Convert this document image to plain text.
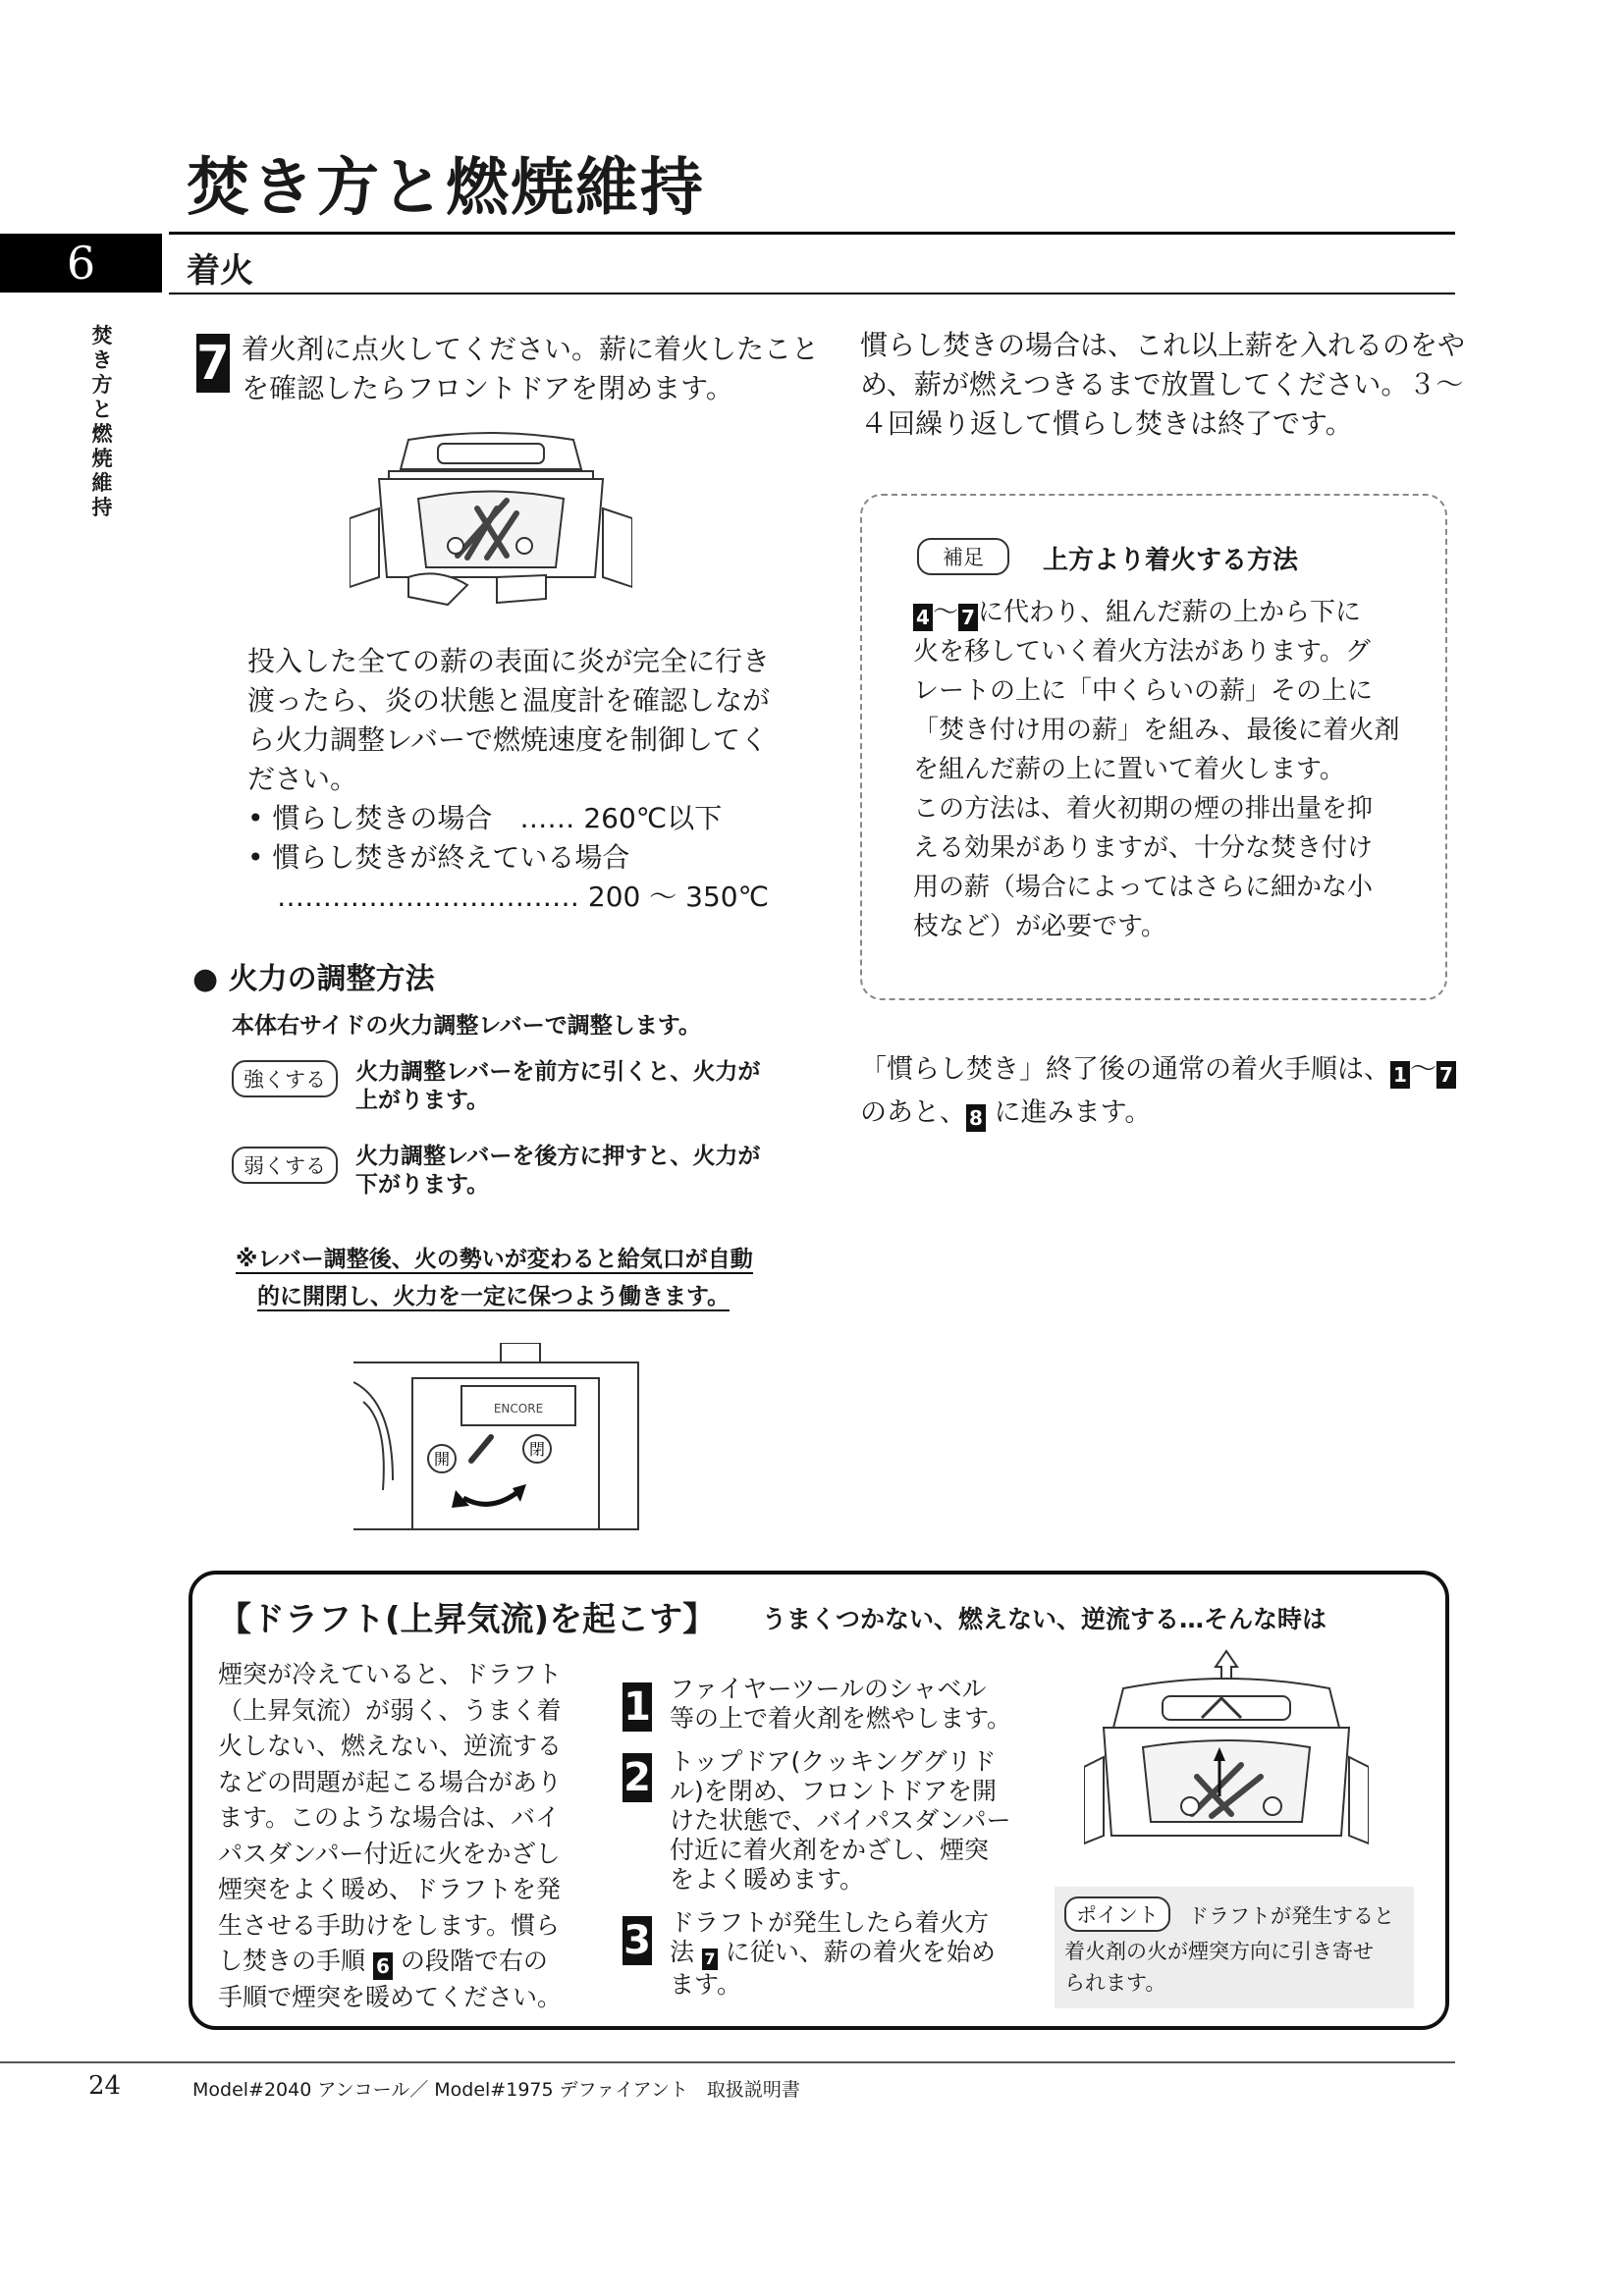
焚き方と燃焼維持
6	着火
焚き方と燃焼維持
7 着火剤に点火してください。薪に着火したこと
を確認したらフロントドアを閉めます。
投入した全ての薪の表面に炎が完全に行き
渡ったら、炎の状態と温度計を確認しなが
ら火力調整レバーで燃焼速度を制御してく
ださい。
• 慣らし焚きの場合　…… 260℃以下
• 慣らし焚きが終えている場合
…………………………… 200 ～ 350℃
● 火力の調整方法
本体右サイドの火力調整レバーで調整します。
強くする	火力調整レバーを前方に引くと、火力が
上がります。
弱くする	火力調整レバーを後方に押すと、火力が
下がります。
※レバー調整後、火の勢いが変わると給気口が自動
的に開閉し、火力を一定に保つよう働きます。
ENCORE
開
閉
慣らし焚きの場合は、これ以上薪を入れるのをや
め、薪が燃えつきるまで放置してください。３～
４回繰り返して慣らし焚きは終了です。
補足	上方より着火する方法
4 ～ 7 に代わり、組んだ薪の上から下に
火を移していく着火方法があります。グ
レートの上に「中くらいの薪」その上に
「焚き付け用の薪」を組み、最後に着火剤
を組んだ薪の上に置いて着火します。
この方法は、着火初期の煙の排出量を抑
える効果がありますが、十分な焚き付け
用の薪（場合によってはさらに細かな小
枝など）が必要です。
「慣らし焚き」終了後の通常の着火手順は、 1 ～ 7
のあと、 8 に進みます。
【ドラフト(上昇気流)を起こす】 うまくつかない、燃えない、逆流する…そんな時は
煙突が冷えていると、ドラフト
（上昇気流）が弱く、うまく着
火しない、燃えない、逆流する
などの問題が起こる場合があり
ます。このような場合は、バイ
パスダンパー付近に火をかざし
煙突をよく暖め、ドラフトを発
生させる手助けをします。慣ら
し焚きの手順 6 の段階で右の
手順で煙突を暖めてください。
1 ファイヤーツールのシャベル
等の上で着火剤を燃やします。
2 トップドア(クッキンググリド
ル)を閉め、フロントドアを開
けた状態で、バイパスダンパー
付近に着火剤をかざし、煙突
をよく暖めます。
3 ドラフトが発生したら着火方
法 7 に従い、薪の着火を始め
ます。
ポイント	ドラフトが発生すると
着火剤の火が煙突方向に引き寄せ
られます。
24	Model#2040 アンコール／ Model#1975 デファイアント　取扱説明書
